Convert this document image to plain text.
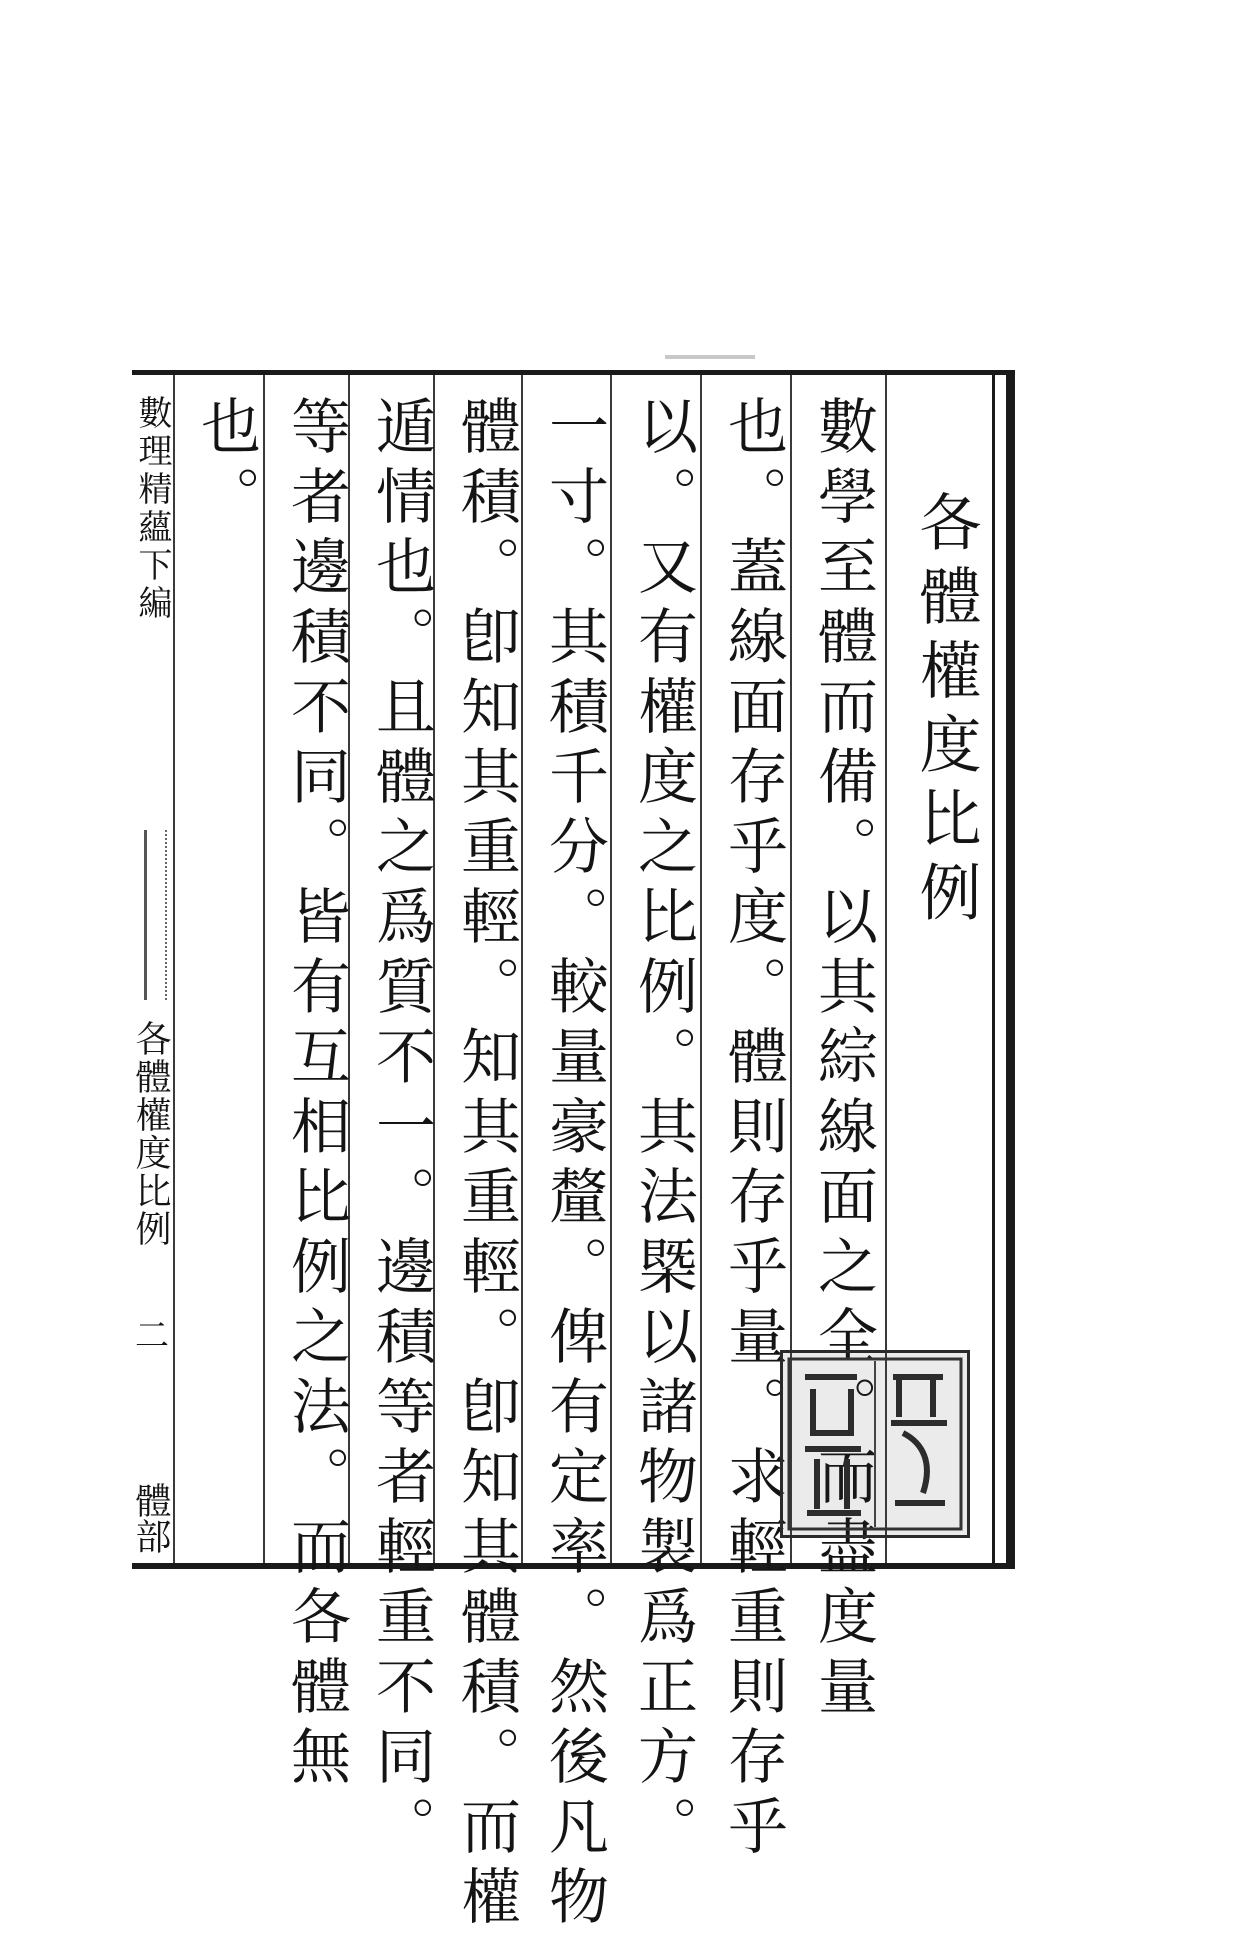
各體權度比例
數學至體而備。以其綜線面之全。而盡度量
也。蓋線面存乎度。體則存乎量。求輕重則存乎
以。又有權度之比例。其法槩以諸物製爲正方。
一寸。其積千分。較量豪釐。俾有定率。然後凡物
體積。卽知其重輕。知其重輕。卽知其體積。而權
遁情也。且體之爲質不一。邊積等者輕重不同。
等者邊積不同。皆有互相比例之法。而各體無
也。
數理精蘊下編
各體權度比例
二
體部
